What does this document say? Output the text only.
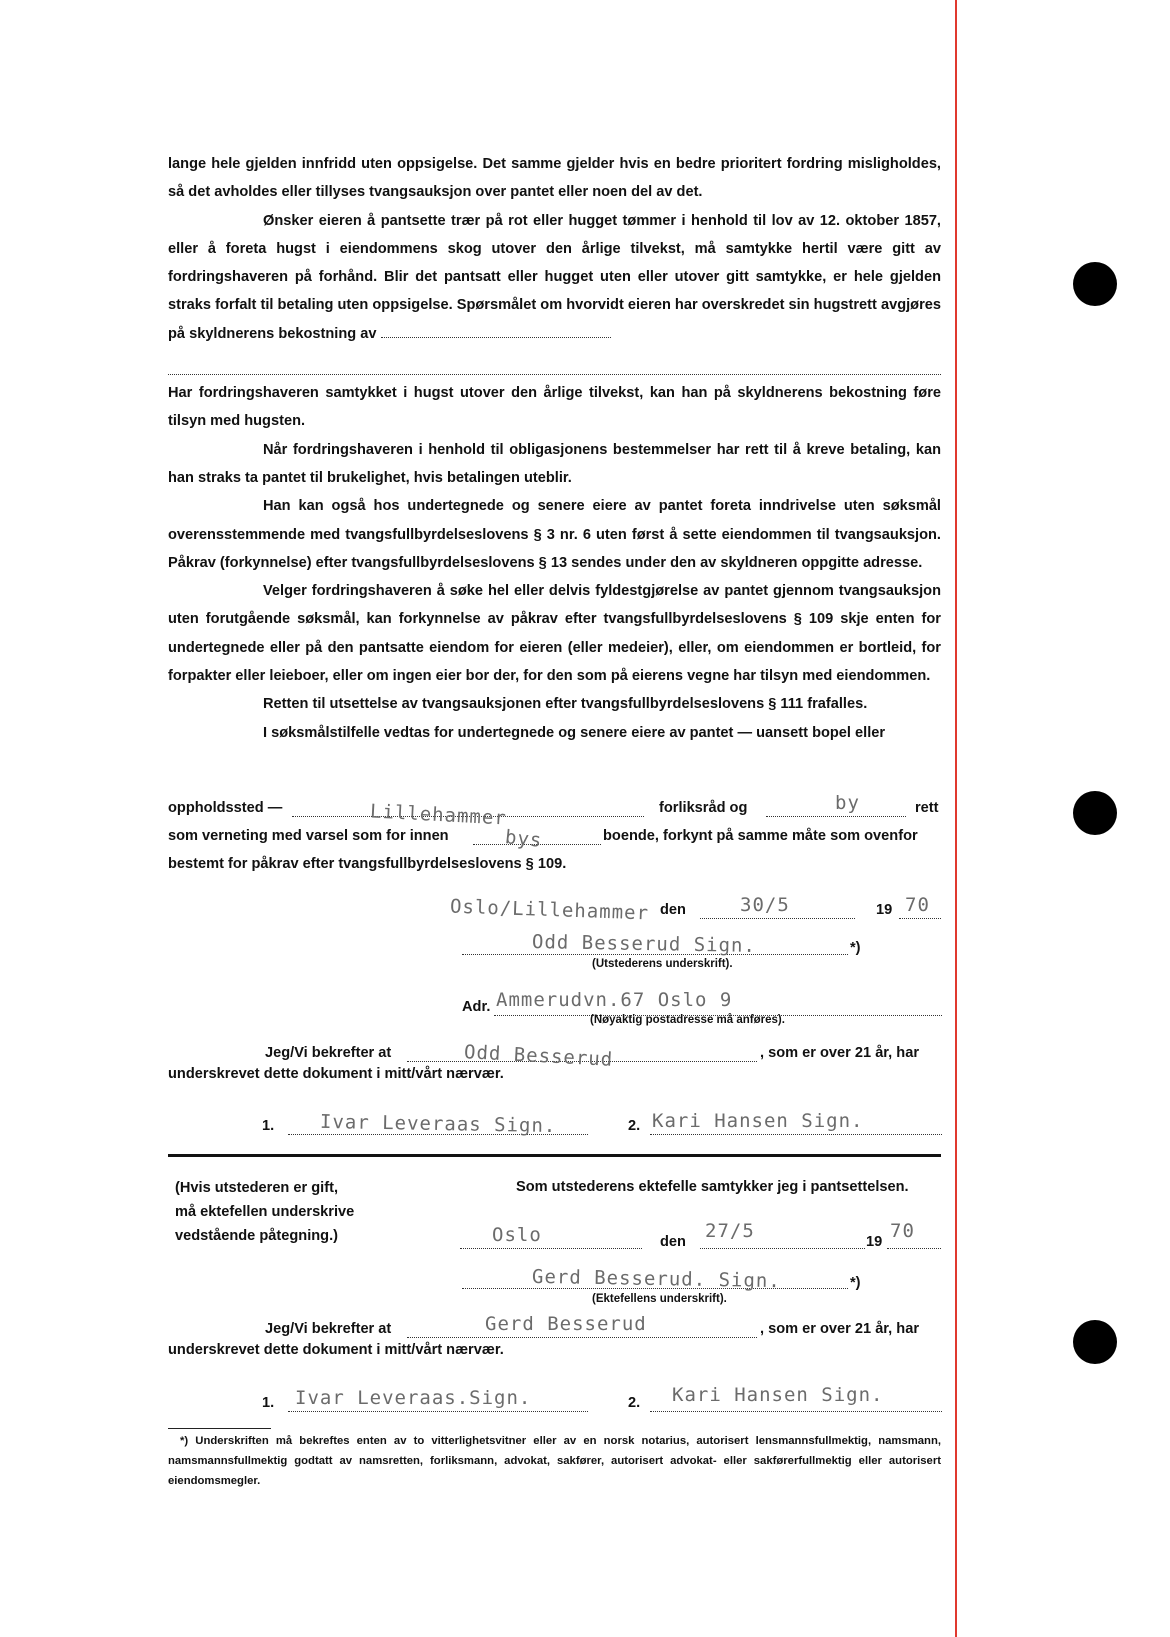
lange hele gjelden innfridd uten oppsigelse. Det samme gjelder hvis en bedre prioritert fordring misligholdes, så det avholdes eller tillyses tvangsauksjon over pantet eller noen del av det.

Ønsker eieren å pantsette trær på rot eller hugget tømmer i henhold til lov av 12. oktober 1857, eller å foreta hugst i eiendommens skog utover den årlige tilvekst, må samtykke hertil være gitt av fordringshaveren på forhånd. Blir det pantsatt eller hugget uten eller utover gitt samtykke, er hele gjelden straks forfalt til betaling uten oppsigelse. Spørsmålet om hvorvidt eieren har overskredet sin hugstrett avgjøres på skyldnerens bekostning av

Har fordringshaveren samtykket i hugst utover den årlige tilvekst, kan han på skyldnerens bekostning føre tilsyn med hugsten.

Når fordringshaveren i henhold til obligasjonens bestemmelser har rett til å kreve betaling, kan han straks ta pantet til brukelighet, hvis betalingen uteblir.

Han kan også hos undertegnede og senere eiere av pantet foreta inndrivelse uten søksmål overensstemmende med tvangsfullbyrdelseslovens § 3 nr. 6 uten først å sette eiendommen til tvangsauksjon. Påkrav (forkynnelse) efter tvangsfullbyrdelseslovens § 13 sendes under den av skyldneren oppgitte adresse.

Velger fordringshaveren å søke hel eller delvis fyldestgjørelse av pantet gjennom tvangsauksjon uten forutgående søksmål, kan forkynnelse av påkrav efter tvangsfullbyrdelseslovens § 109 skje enten for undertegnede eller på den pantsatte eiendom for eieren (eller medeier), eller, om eiendommen er bortleid, for forpakter eller leieboer, eller om ingen eier bor der, for den som på eierens vegne har tilsyn med eiendommen.

Retten til utsettelse av tvangsauksjonen efter tvangsfullbyrdelseslovens § 111 frafalles.

I søksmålstilfelle vedtas for undertegnede og senere eiere av pantet — uansett bopel eller

oppholdssted —	Lillehammer	forliksråd og	by	rett
som verneting med varsel som for innen	bys	boende, forkynt på samme måte som ovenfor
bestemt for påkrav efter tvangsfullbyrdelseslovens § 109.
Oslo/Lillehammer den	30/5	19 70
Odd Besserud Sign.	*)
(Utstederens underskrift).
Adr. Ammerudvn.67 Oslo 9
(Nøyaktig postadresse må anføres).
Jeg/Vi bekrefter at	Odd Besserud	, som er over 21 år, har
underskrevet dette dokument i mitt/vårt nærvær.
1. Ivar Leveraas Sign.	2. Kari Hansen Sign.
(Hvis utstederen er gift,
må ektefellen underskrive
vedstående påtegning.)
Som utstederens ektefelle samtykker jeg i pantsettelsen.
Oslo	den 27/5	19 70
Gerd Besserud. Sign.	*)
(Ektefellens underskrift).
Jeg/Vi bekrefter at	Gerd Besserud	, som er over 21 år, har
underskrevet dette dokument i mitt/vårt nærvær.
1. Ivar Leveraas.Sign.	2. Kari Hansen Sign.
*) Underskriften må bekreftes enten av to vitterlighetsvitner eller av en norsk notarius, autorisert lensmannsfullmektig, namsmann, namsmannsfullmektig godtatt av namsretten, forliksmann, advokat, sakfører, autorisert advokat- eller sakførerfullmektig eller autorisert eiendomsmegler.
